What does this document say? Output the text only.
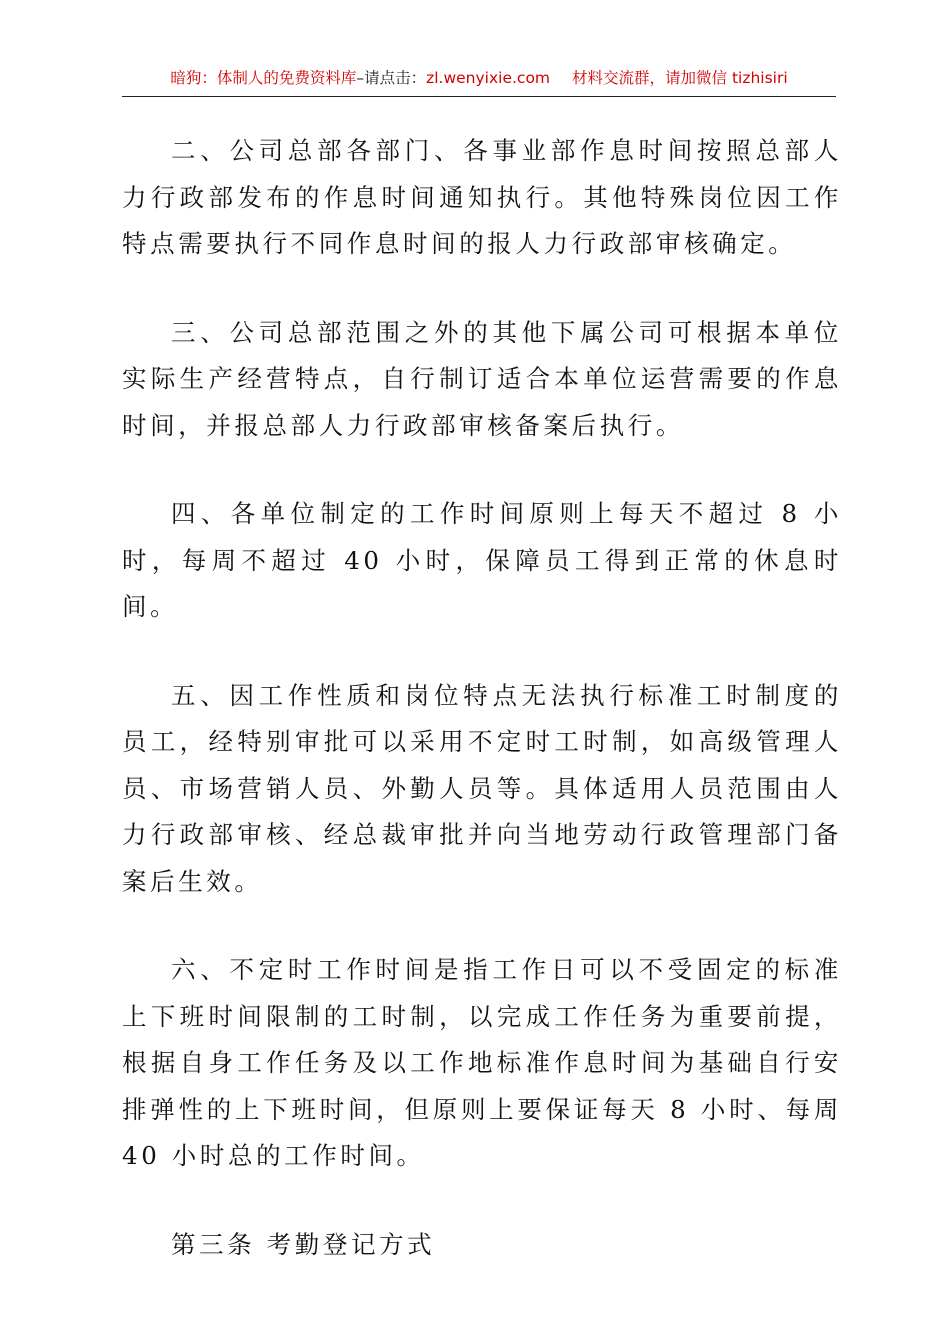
暗狗：体制人的免费资料库–请点击：zl.wenyixie.com 材料交流群，请加微信 tizhisiri

二、公司总部各部门、各事业部作息时间按照总部人力行政部发布的作息时间通知执行。其他特殊岗位因工作特点需要执行不同作息时间的报人力行政部审核确定。

三、公司总部范围之外的其他下属公司可根据本单位实际生产经营特点，自行制订适合本单位运营需要的作息时间，并报总部人力行政部审核备案后执行。

四、各单位制定的工作时间原则上每天不超过 8 小时，每周不超过 40 小时，保障员工得到正常的休息时间。

五、因工作性质和岗位特点无法执行标准工时制度的员工，经特别审批可以采用不定时工时制，如高级管理人员、市场营销人员、外勤人员等。具体适用人员范围由人力行政部审核、经总裁审批并向当地劳动行政管理部门备案后生效。

六、不定时工作时间是指工作日可以不受固定的标准上下班时间限制的工时制，以完成工作任务为重要前提，根据自身工作任务及以工作地标准作息时间为基础自行安排弹性的上下班时间，但原则上要保证每天 8 小时、每周 40 小时总的工作时间。

第三条 考勤登记方式
